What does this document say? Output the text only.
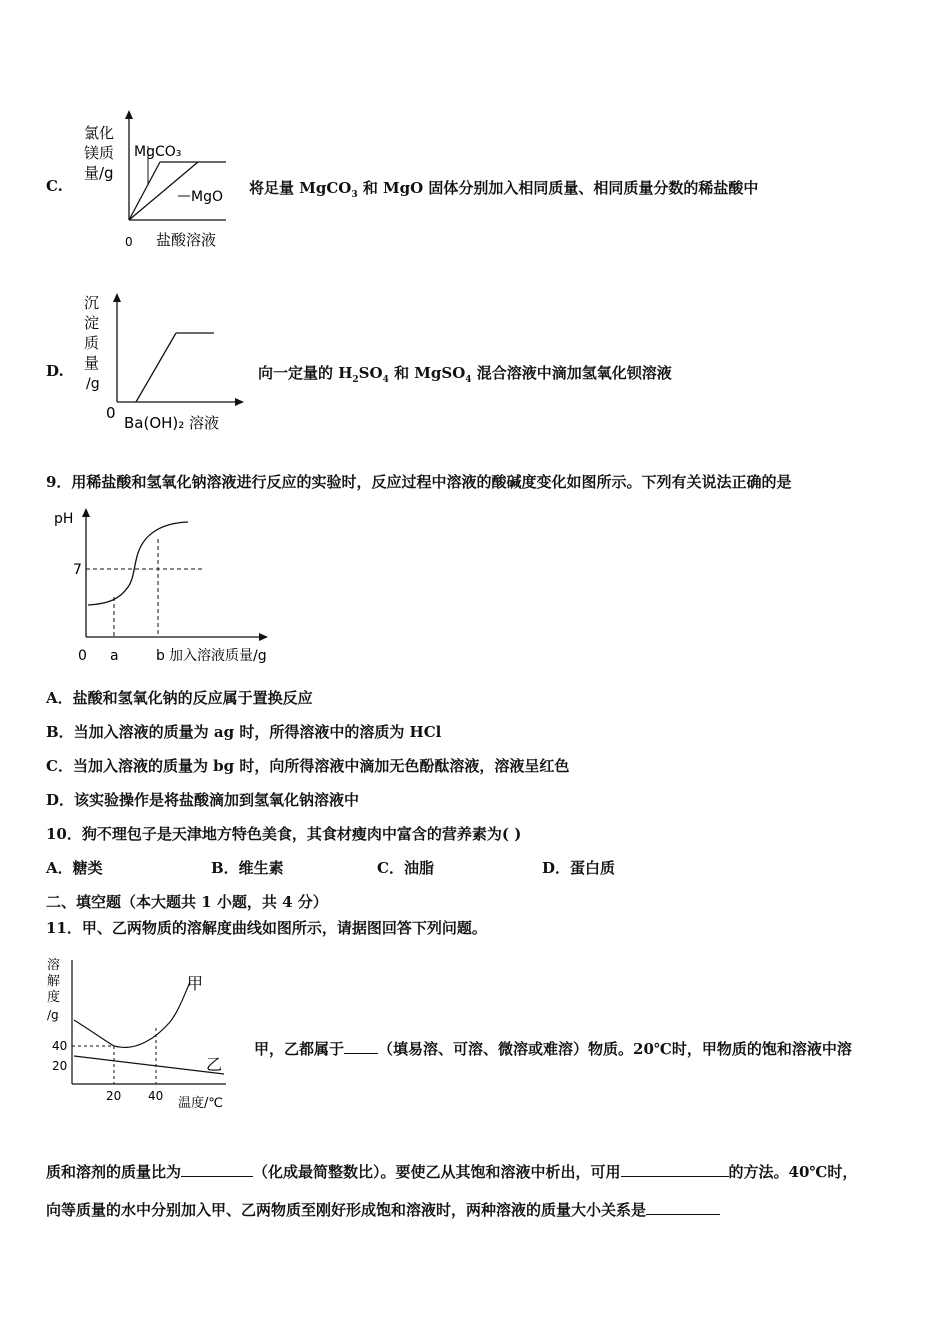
C.
氯化
镁质
量/g
MgCO₃
MgO
0 盐酸溶液
将足量 MgCO$_3$ 和 MgO 固体分别加入相同质量、相同质量分数的稀盐酸中
D.
沉
淀
质
量
/g
0
Ba(OH)₂ 溶液
向一定量的 $H_2SO_4$ 和 MgSO$_4$ 混合溶液中滴加氢氧化钡溶液
9．用稀盐酸和氢氧化钠溶液进行反应的实验时，反应过程中溶液的酸碱度变化如图所示。下列有关说法正确的是
pH
7
0 a	b 加入溶液质量/g
A．盐酸和氢氧化钠的反应属于置换反应
B．当加入溶液的质量为 ag 时，所得溶液中的溶质为 HCl
C．当加入溶液的质量为 bg 时，向所得溶液中滴加无色酚酞溶液，溶液呈红色
D．该实验操作是将盐酸滴加到氢氧化钠溶液中
10．狗不理包子是天津地方特色美食，其食材瘦肉中富含的营养素为( )
A．糖类	B．维生素	C．油脂	D．蛋白质
二、填空题（本大题共 1 小题，共 4 分）
11．甲、乙两物质的溶解度曲线如图所示，请据图回答下列问题。
溶
解
度
/g
40
20
20 40 温度/℃
甲
乙
甲，乙都属于 （填易溶、可溶、微溶或难溶）物质。20℃时，甲物质的饱和溶液中溶
质和溶剂的质量比为	（化成最简整数比）。要使乙从其饱和溶液中析出，可用	的方法。40℃时，
向等质量的水中分别加入甲、乙两物质至刚好形成饱和溶液时，两种溶液的质量大小关系是
